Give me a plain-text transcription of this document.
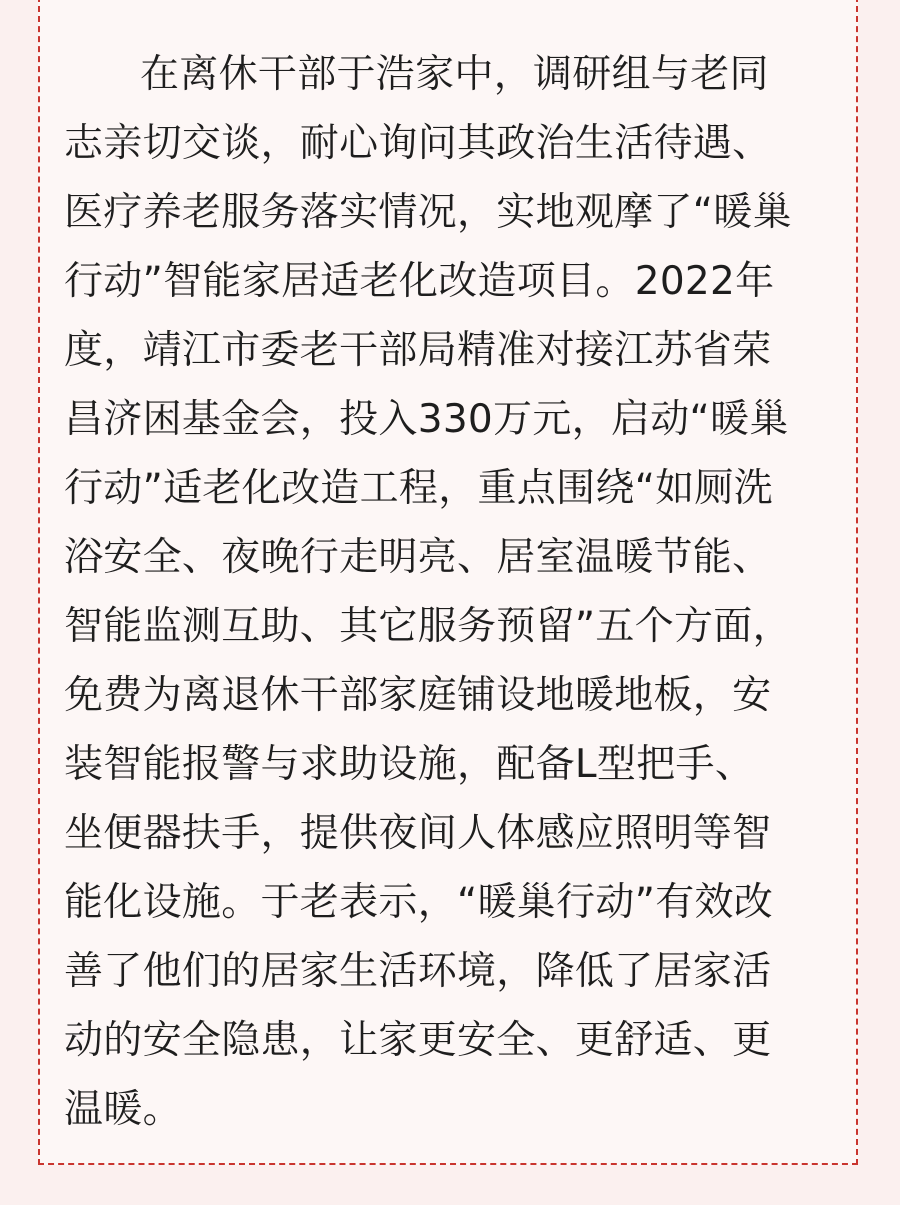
在离休干部于浩家中，调研组与老同
志亲切交谈，耐心询问其政治生活待遇、
医疗养老服务落实情况，实地观摩了“暖巢
行动”智能家居适老化改造项目。2022年
度，靖江市委老干部局精准对接江苏省荣
昌济困基金会，投入330万元，启动“暖巢
行动”适老化改造工程，重点围绕“如厕洗
浴安全、夜晚行走明亮、居室温暖节能、
智能监测互助、其它服务预留”五个方面，
免费为离退休干部家庭铺设地暖地板，安
装智能报警与求助设施，配备L型把手、
坐便器扶手，提供夜间人体感应照明等智
能化设施。于老表示，“暖巢行动”有效改
善了他们的居家生活环境，降低了居家活
动的安全隐患，让家更安全、更舒适、更
温暖。
